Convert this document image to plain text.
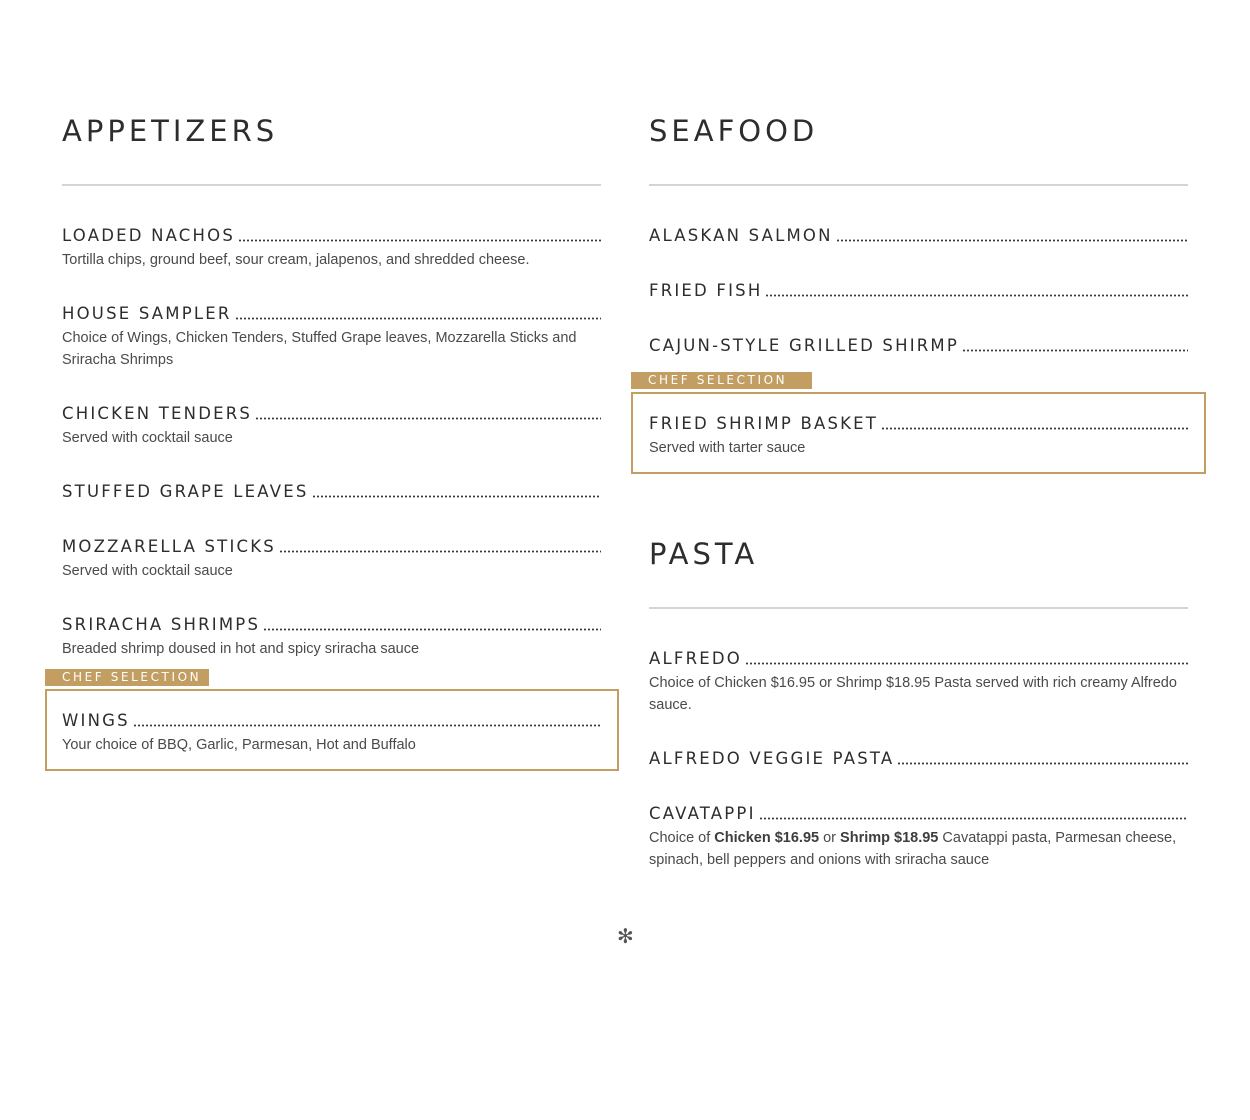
APPETIZERS
LOADED NACHOS
Tortilla chips, ground beef, sour cream, jalapenos, and shredded cheese.
HOUSE SAMPLER
Choice of Wings, Chicken Tenders, Stuffed Grape leaves, Mozzarella Sticks and Sriracha Shrimps
CHICKEN TENDERS
Served with cocktail sauce
STUFFED GRAPE LEAVES
MOZZARELLA STICKS
Served with cocktail sauce
SRIRACHA SHRIMPS
Breaded shrimp doused in hot and spicy sriracha sauce
CHEF SELECTION
WINGS
Your choice of BBQ, Garlic, Parmesan, Hot and Buffalo
SEAFOOD
ALASKAN SALMON
FRIED FISH
CAJUN-STYLE GRILLED SHIRMP
CHEF SELECTION
FRIED SHRIMP BASKET
Served with tarter sauce
PASTA
ALFREDO
Choice of Chicken $16.95 or Shrimp $18.95 Pasta served with rich creamy Alfredo sauce.
ALFREDO VEGGIE PASTA
CAVATAPPI
Choice of Chicken $16.95 or Shrimp $18.95 Cavatappi pasta, Parmesan cheese, spinach, bell peppers and onions with sriracha sauce
✻
